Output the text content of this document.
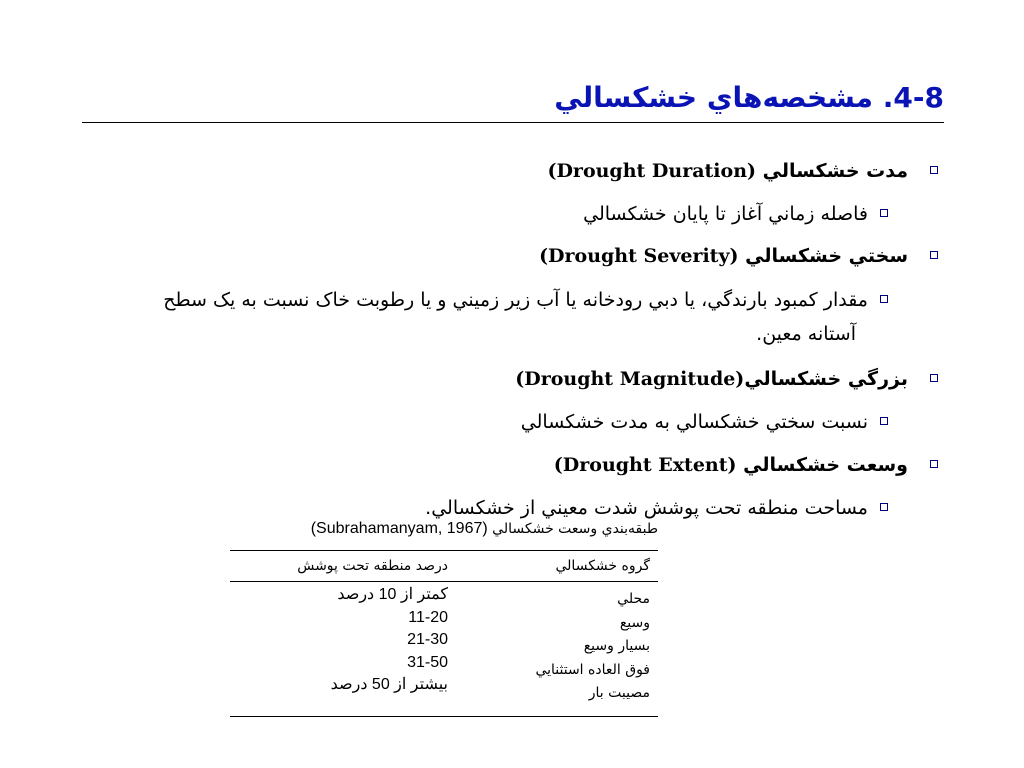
4-8. مشخصه‌هاي خشکسالي
مدت خشکسالي (Drought Duration)
فاصله زماني آغاز تا پايان خشکسالي
سختي خشکسالي (Drought Severity)
مقدار کمبود بارندگي، يا دبي رودخانه يا آب زير زميني و يا رطوبت خاک نسبت به يک سطح
آستانه معين.
بزرگي خشکسالي(Drought Magnitude)
نسبت سختي خشکسالي به مدت خشکسالي
وسعت خشکسالي (Drought Extent)
مساحت منطقه تحت پوشش شدت معيني از خشکسالي.
طبقه‌بندي وسعت خشکسالي (Subrahamanyam, 1967)
گروه خشکسالي
درصد منطقه تحت پوشش
محلي
وسيع
بسيار وسيع
فوق العاده استثنايي
مصيبت بار
کمتر از 10 درصد
11-20
21-30
31-50
بيشتر از 50 درصد
